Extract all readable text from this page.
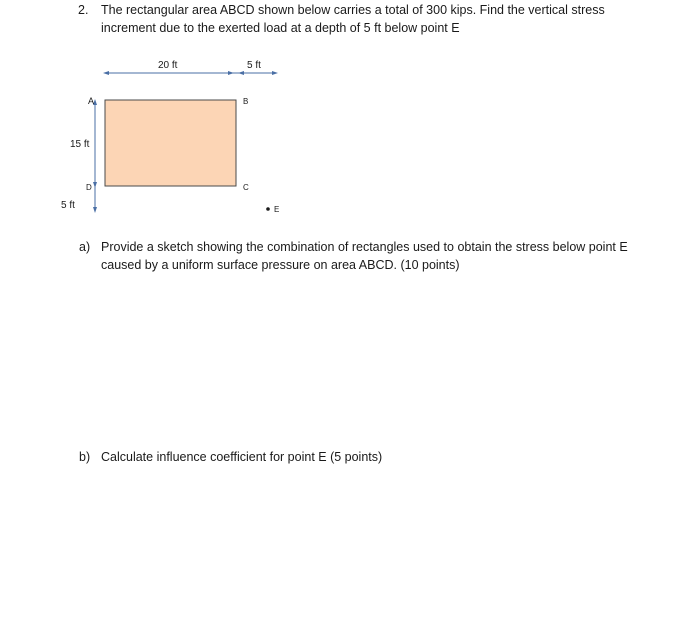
2. The rectangular area ABCD shown below carries a total of 300 kips. Find the vertical stress
increment due to the exerted load at a depth of 5 ft below point E
20 ft	5 ft
15 ft
5 ft
A	B
C
D
E
a) Provide a sketch showing the combination of rectangles used to obtain the stress below point E
caused by a uniform surface pressure on area ABCD. (10 points)
b) Calculate influence coefficient for point E (5 points)
